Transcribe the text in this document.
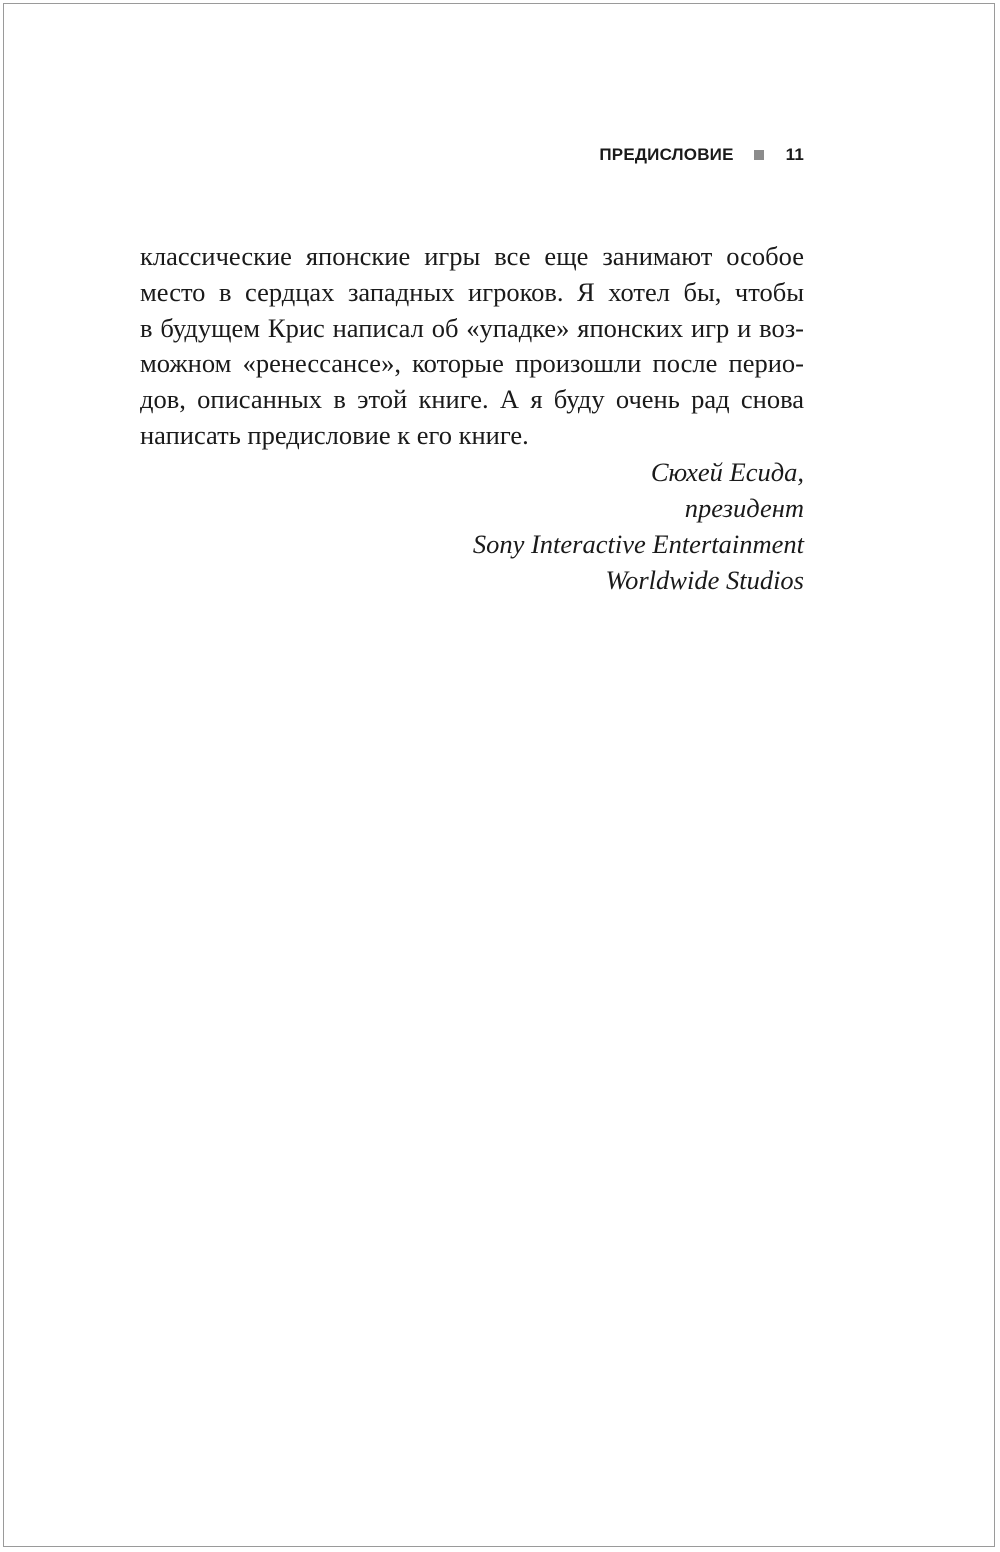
ПРЕДИСЛОВИЕ	11
классические японские игры все еще занимают особое
место в сердцах западных игроков. Я хотел бы, чтобы
в будущем Крис написал об «упадке» японских игр и воз-
можном «ренессансе», которые произошли после перио-
дов, описанных в этой книге. А я буду очень рад снова
написать предисловие к его книге.
Сюхей Есида,
президент
Sony Interactive Entertainment
Worldwide Studios
